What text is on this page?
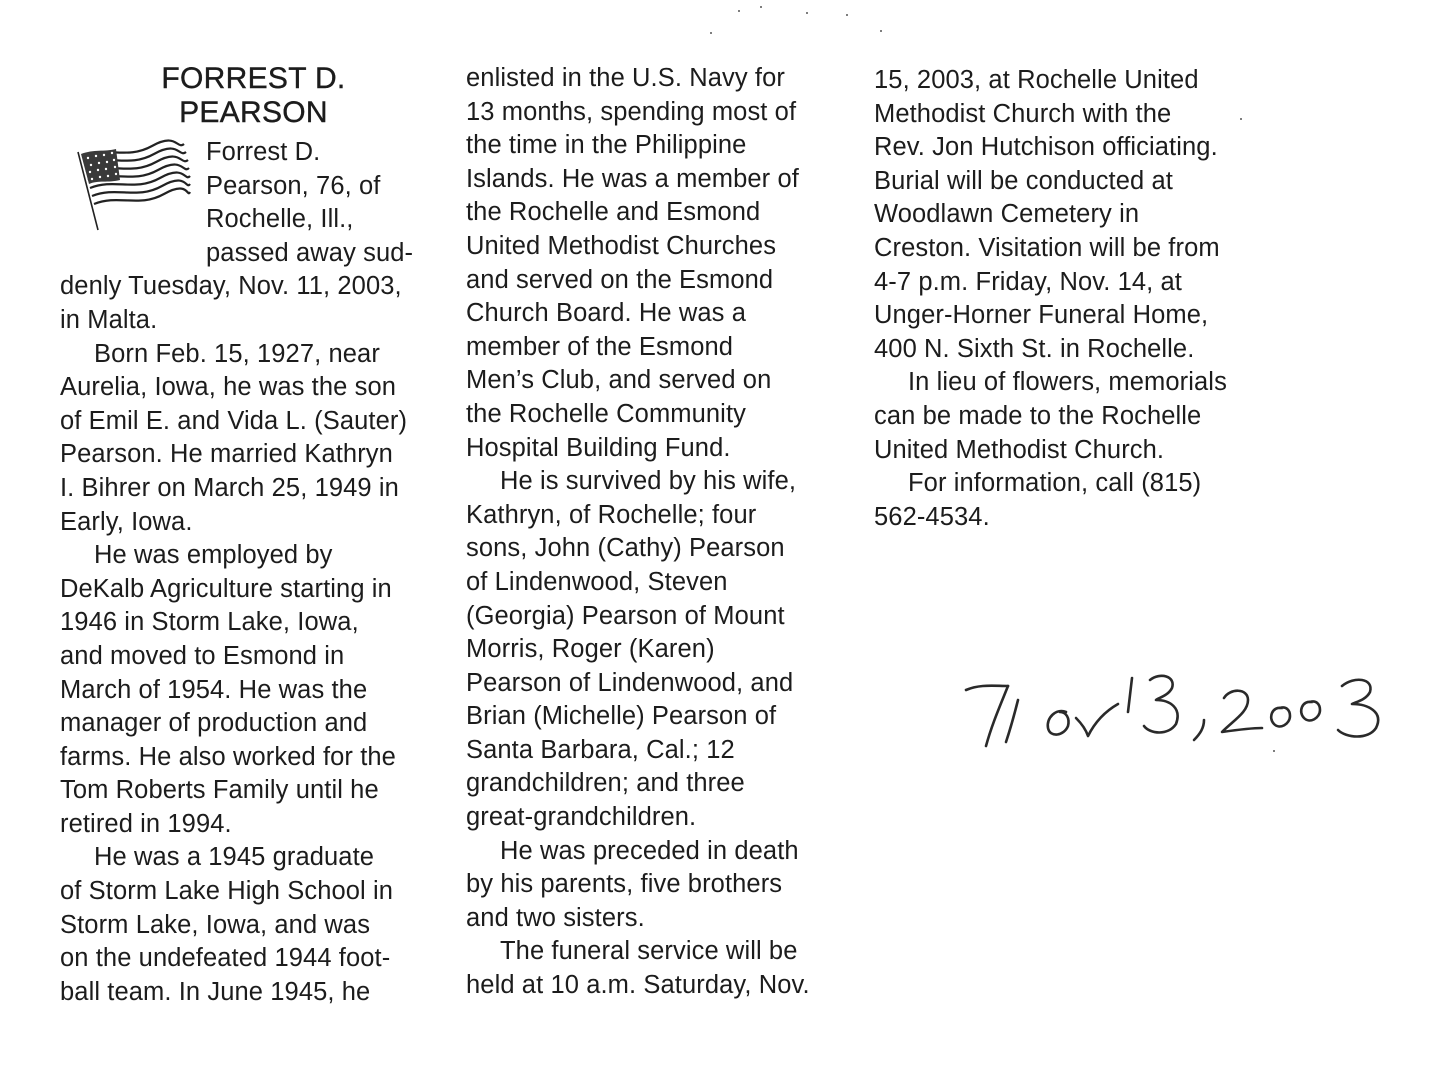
FORREST D.
PEARSON
Forrest D.
Pearson, 76, of
Rochelle, Ill.,
passed away sud-
denly Tuesday, Nov. 11, 2003,
in Malta.
Born Feb. 15, 1927, near
Aurelia, Iowa, he was the son
of Emil E. and Vida L. (Sauter)
Pearson. He married Kathryn
I. Bihrer on March 25, 1949 in
Early, Iowa.
He was employed by
DeKalb Agriculture starting in
1946 in Storm Lake, Iowa,
and moved to Esmond in
March of 1954. He was the
manager of production and
farms. He also worked for the
Tom Roberts Family until he
retired in 1994.
He was a 1945 graduate
of Storm Lake High School in
Storm Lake, Iowa, and was
on the undefeated 1944 foot-
ball team. In June 1945, he
enlisted in the U.S. Navy for
13 months, spending most of
the time in the Philippine
Islands. He was a member of
the Rochelle and Esmond
United Methodist Churches
and served on the Esmond
Church Board. He was a
member of the Esmond
Men’s Club, and served on
the Rochelle Community
Hospital Building Fund.
He is survived by his wife,
Kathryn, of Rochelle; four
sons, John (Cathy) Pearson
of Lindenwood, Steven
(Georgia) Pearson of Mount
Morris, Roger (Karen)
Pearson of Lindenwood, and
Brian (Michelle) Pearson of
Santa Barbara, Cal.; 12
grandchildren; and three
great-grandchildren.
He was preceded in death
by his parents, five brothers
and two sisters.
The funeral service will be
held at 10 a.m. Saturday, Nov.
15, 2003, at Rochelle United
Methodist Church with the
Rev. Jon Hutchison officiating.
Burial will be conducted at
Woodlawn Cemetery in
Creston. Visitation will be from
4-7 p.m. Friday, Nov. 14, at
Unger-Horner Funeral Home,
400 N. Sixth St. in Rochelle.
In lieu of flowers, memorials
can be made to the Rochelle
United Methodist Church.
For information, call (815)
562-4534.
